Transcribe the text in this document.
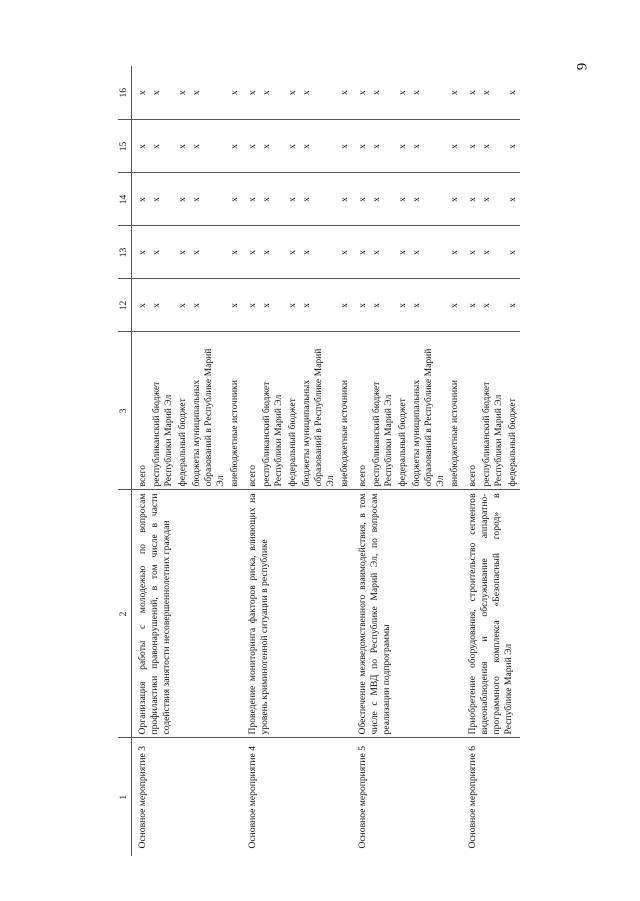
9
1	2	3	12	13	14	15	16
Основное мероприятие 3	Организация работы с молодежью по вопросам профилактики правонарушений, в том числе в части содействия занятости несовершеннолетних граждан	всего	x	x	x	x	x
		республиканский бюджет Республики Марий Эл	x	x	x	x	x
		федеральный бюджет	x	x	x	x	x
		бюджеты муниципальных образований в Республике Марий Эл	x	x	x	x	x
		внебюджетные источники	x	x	x	x	x
Основное мероприятие 4	Проведение мониторинга факторов риска, влияющих на уровень криминогенной ситуации в республике	всего	x	x	x	x	x
		республиканский бюджет Республики Марий Эл	x	x	x	x	x
		федеральный бюджет	x	x	x	x	x
		бюджеты муниципальных образований в Республике Марий Эл	x	x	x	x	x
		внебюджетные источники	x	x	x	x	x
Основное мероприятие 5	Обеспечение межведомственного взаимодействия, в том числе с МВД по Республике Марий Эл, по вопросам реализации подпрограммы	всего	x	x	x	x	x
		республиканский бюджет Республики Марий Эл	x	x	x	x	x
		федеральный бюджет	x	x	x	x	x
		бюджеты муниципальных образований в Республике Марий Эл	x	x	x	x	x
		внебюджетные источники	x	x	x	x	x
Основное мероприятие 6	Приобретение оборудования, строительство сегментов видеонаблюдения и обслуживание аппаратно-программного комплекса «Безопасный город» в Республике Марий Эл	всего	x	x	x	x	x
		республиканский бюджет Республики Марий Эл	x	x	x	x	x
		федеральный бюджет	x	x	x	x	x
